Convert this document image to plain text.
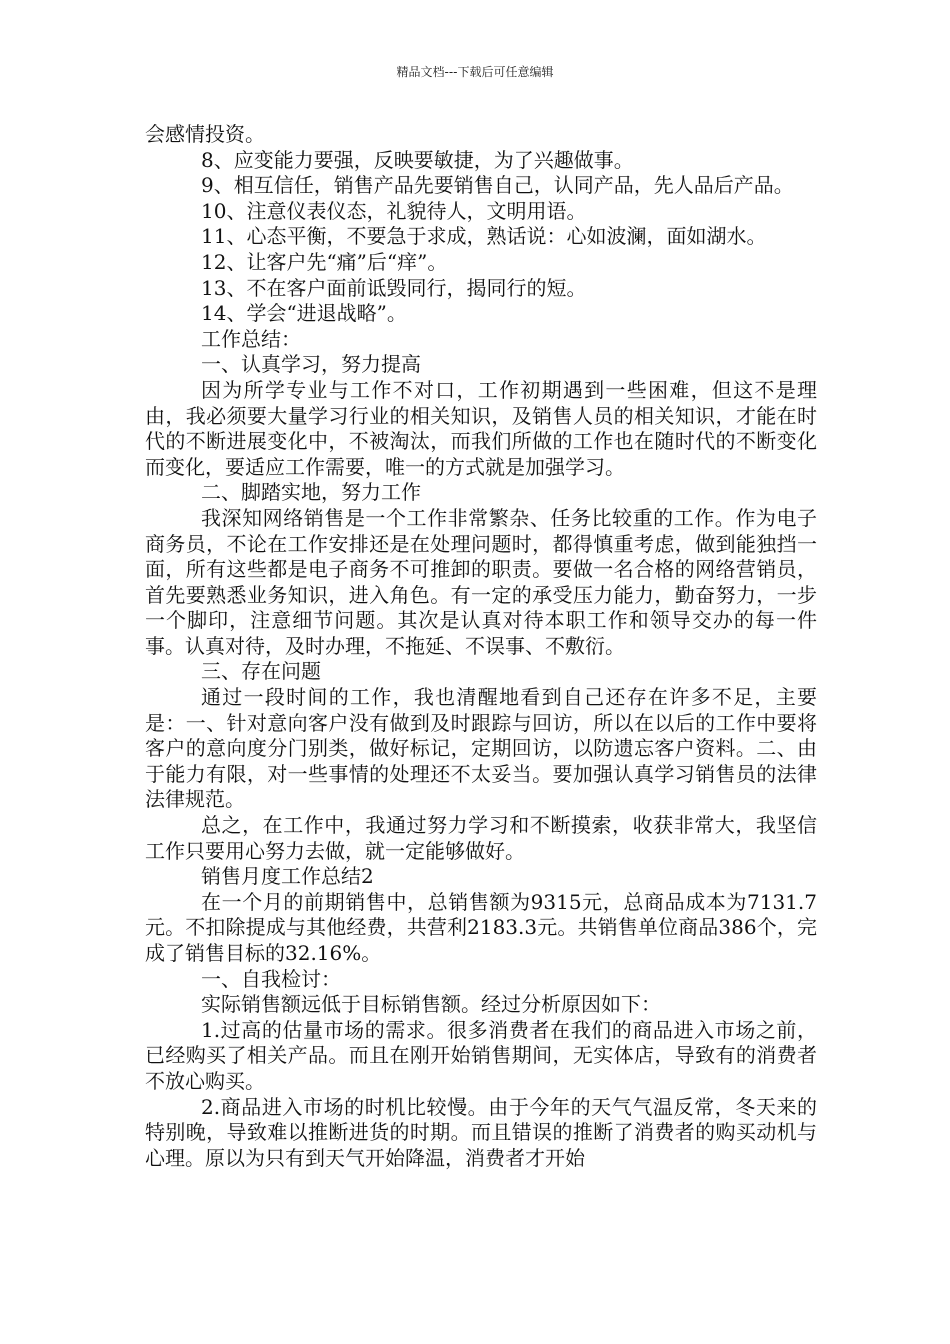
精品文档---下载后可任意编辑

会感情投资。

8、应变能力要强，反映要敏捷，为了兴趣做事。

9、相互信任，销售产品先要销售自己，认同产品，先人品后产品。

10、注意仪表仪态，礼貌待人，文明用语。

11、心态平衡，不要急于求成，熟话说：心如波澜，面如湖水。

12、让客户先“痛”后“痒”。

13、不在客户面前诋毁同行，揭同行的短。

14、学会“进退战略”。

工作总结：

一、认真学习，努力提高

因为所学专业与工作不对口，工作初期遇到一些困难，但这不是理由，我必须要大量学习行业的相关知识，及销售人员的相关知识，才能在时代的不断进展变化中，不被淘汰，而我们所做的工作也在随时代的不断变化而变化，要适应工作需要，唯一的方式就是加强学习。

二、脚踏实地，努力工作

我深知网络销售是一个工作非常繁杂、任务比较重的工作。作为电子商务员，不论在工作安排还是在处理问题时，都得慎重考虑，做到能独挡一面，所有这些都是电子商务不可推卸的职责。要做一名合格的网络营销员，首先要熟悉业务知识，进入角色。有一定的承受压力能力，勤奋努力，一步一个脚印，注意细节问题。其次是认真对待本职工作和领导交办的每一件事。认真对待，及时办理，不拖延、不误事、不敷衍。

三、存在问题

通过一段时间的工作，我也清醒地看到自己还存在许多不足，主要是：一、针对意向客户没有做到及时跟踪与回访，所以在以后的工作中要将客户的意向度分门别类，做好标记，定期回访，以防遗忘客户资料。二、由于能力有限，对一些事情的处理还不太妥当。要加强认真学习销售员的法律法律规范。

总之，在工作中，我通过努力学习和不断摸索，收获非常大，我坚信工作只要用心努力去做，就一定能够做好。

销售月度工作总结2

在一个月的前期销售中，总销售额为9315元，总商品成本为7131.7元。不扣除提成与其他经费，共营利2183.3元。共销售单位商品386个，完成了销售目标的32.16%。

一、自我检讨：

实际销售额远低于目标销售额。经过分析原因如下：

1.过高的估量市场的需求。很多消费者在我们的商品进入市场之前，已经购买了相关产品。而且在刚开始销售期间，无实体店，导致有的消费者不放心购买。

2.商品进入市场的时机比较慢。由于今年的天气气温反常，冬天来的特别晚，导致难以推断进货的时期。而且错误的推断了消费者的购买动机与心理。原以为只有到天气开始降温，消费者才开始
